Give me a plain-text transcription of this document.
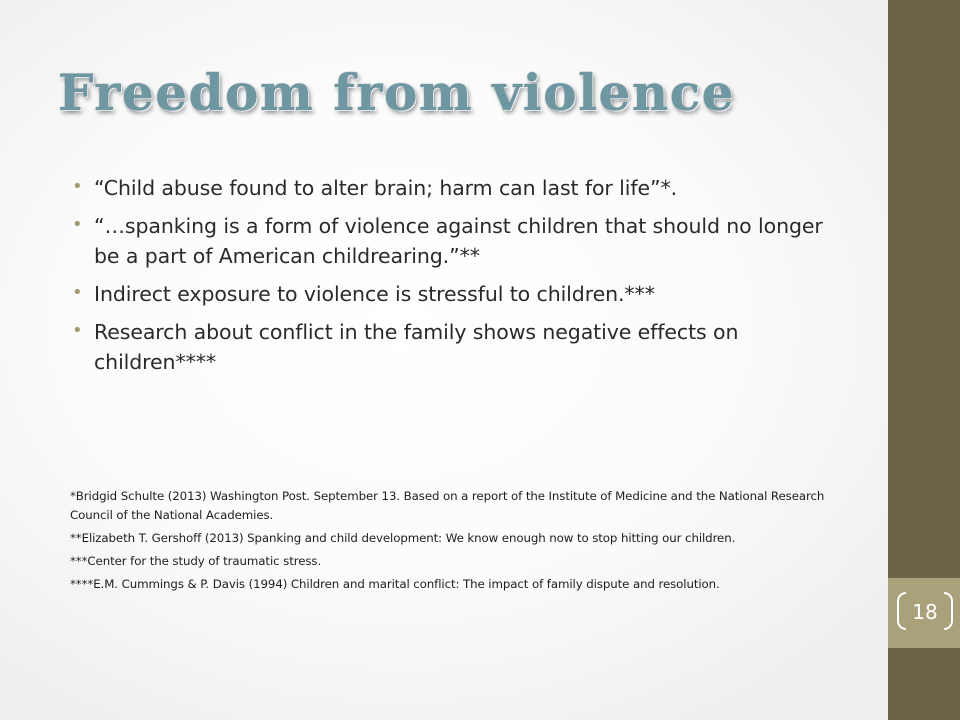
Freedom from violence
• “Child abuse found to alter brain; harm can last for life”*.
• “…spanking is a form of violence against children that should no longer be a part of American childrearing.”**
• Indirect exposure to violence is stressful to children.***
• Research about conflict in the family shows negative effects on children****

*Bridgid Schulte (2013) Washington Post. September 13. Based on a report of the Institute of Medicine and the National Research Council of the National Academies.

**Elizabeth T. Gershoff (2013) Spanking and child development: We know enough now to stop hitting our children.

***Center for the study of traumatic stress.

****E.M. Cummings & P. Davis (1994) Children and marital conflict: The impact of family dispute and resolution.

18
